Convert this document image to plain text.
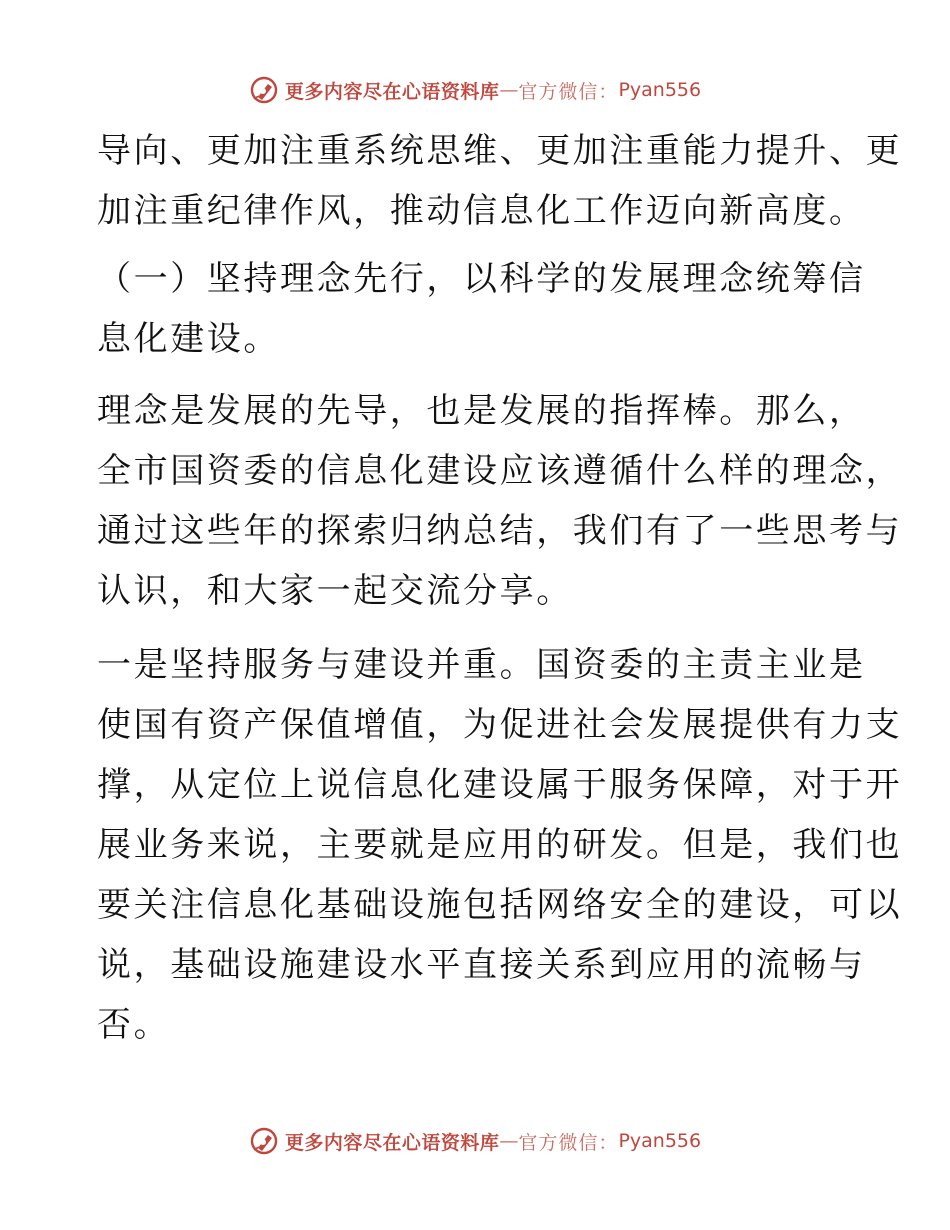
更多内容尽在心语资料库 — 官方微信： Pyan556
导向、更加注重系统思维、更加注重能力提升、更
加注重纪律作风，推动信息化工作迈向新高度。
（一）坚持理念先行，以科学的发展理念统筹信
息化建设。
理念是发展的先导，也是发展的指挥棒。那么，
全市国资委的信息化建设应该遵循什么样的理念，
通过这些年的探索归纳总结，我们有了一些思考与
认识，和大家一起交流分享。
一是坚持服务与建设并重。国资委的主责主业是
使国有资产保值增值，为促进社会发展提供有力支
撑，从定位上说信息化建设属于服务保障，对于开
展业务来说，主要就是应用的研发。但是，我们也
要关注信息化基础设施包括网络安全的建设，可以
说，基础设施建设水平直接关系到应用的流畅与
否。
更多内容尽在心语资料库 — 官方微信： Pyan556
